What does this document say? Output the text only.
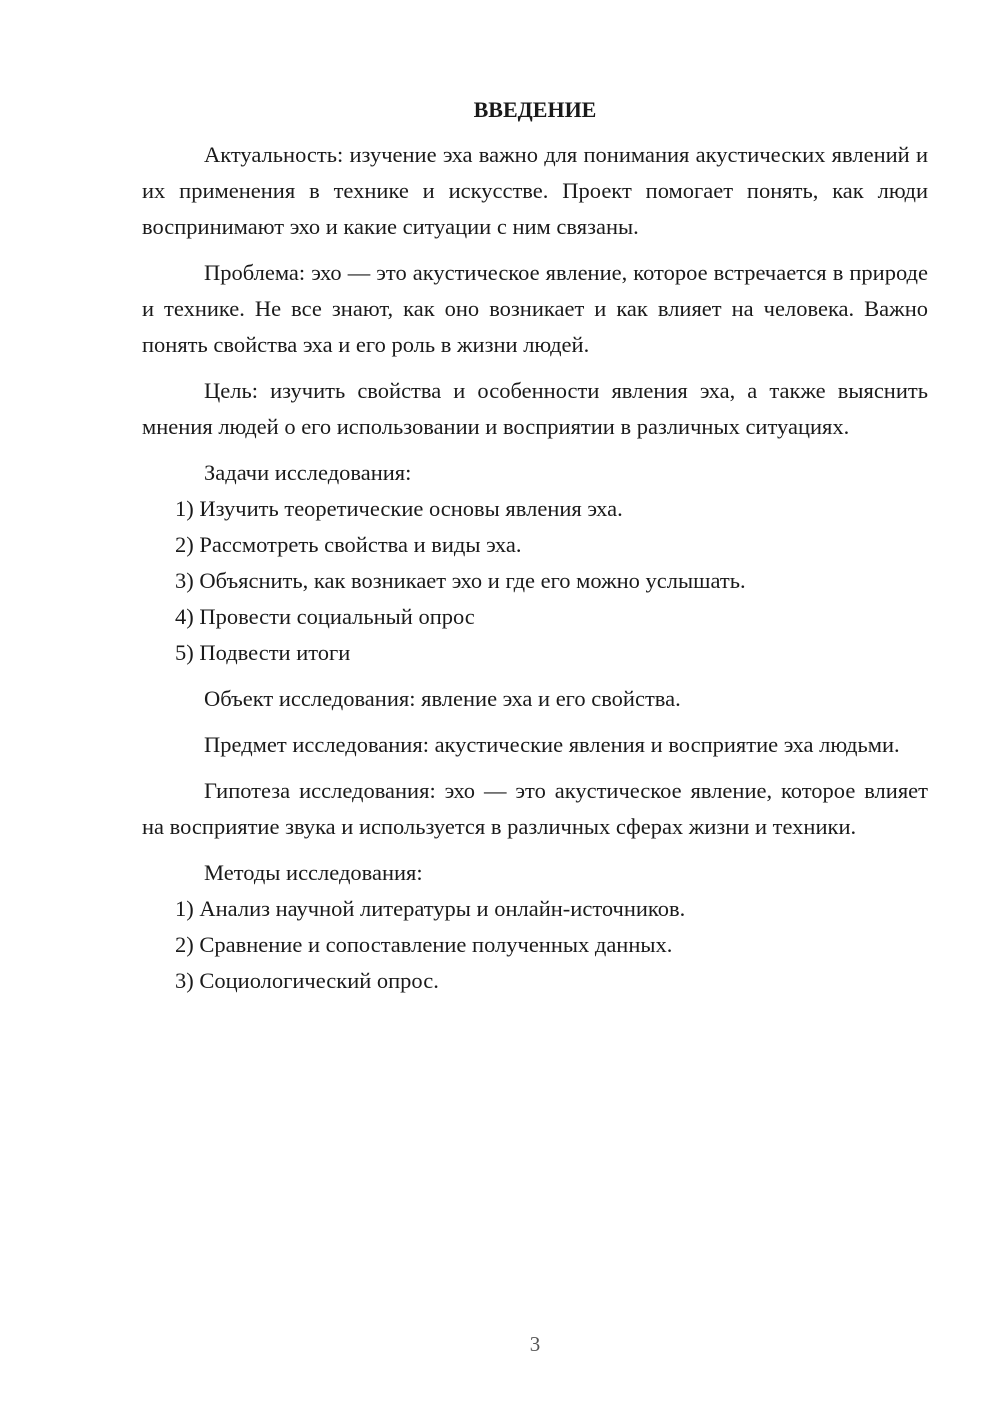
ВВЕДЕНИЕ

Актуальность: изучение эха важно для понимания акустических явлений и их применения в технике и искусстве. Проект помогает понять, как люди воспринимают эхо и какие ситуации с ним связаны.

Проблема: эхо — это акустическое явление, которое встречается в природе и технике. Не все знают, как оно возникает и как влияет на человека. Важно понять свойства эха и его роль в жизни людей.

Цель: изучить свойства и особенности явления эха, а также выяснить мнения людей о его использовании и восприятии в различных ситуациях.

Задачи исследования:

1) Изучить теоретические основы явления эха.

2) Рассмотреть свойства и виды эха.

3) Объяснить, как возникает эхо и где его можно услышать.

4) Провести социальный опрос

5) Подвести итоги

Объект исследования: явление эха и его свойства.

Предмет исследования: акустические явления и восприятие эха людьми.

Гипотеза исследования: эхо — это акустическое явление, которое влияет на восприятие звука и используется в различных сферах жизни и техники.

Методы исследования:

1) Анализ научной литературы и онлайн-источников.

2) Сравнение и сопоставление полученных данных.

3) Социологический опрос.

3
